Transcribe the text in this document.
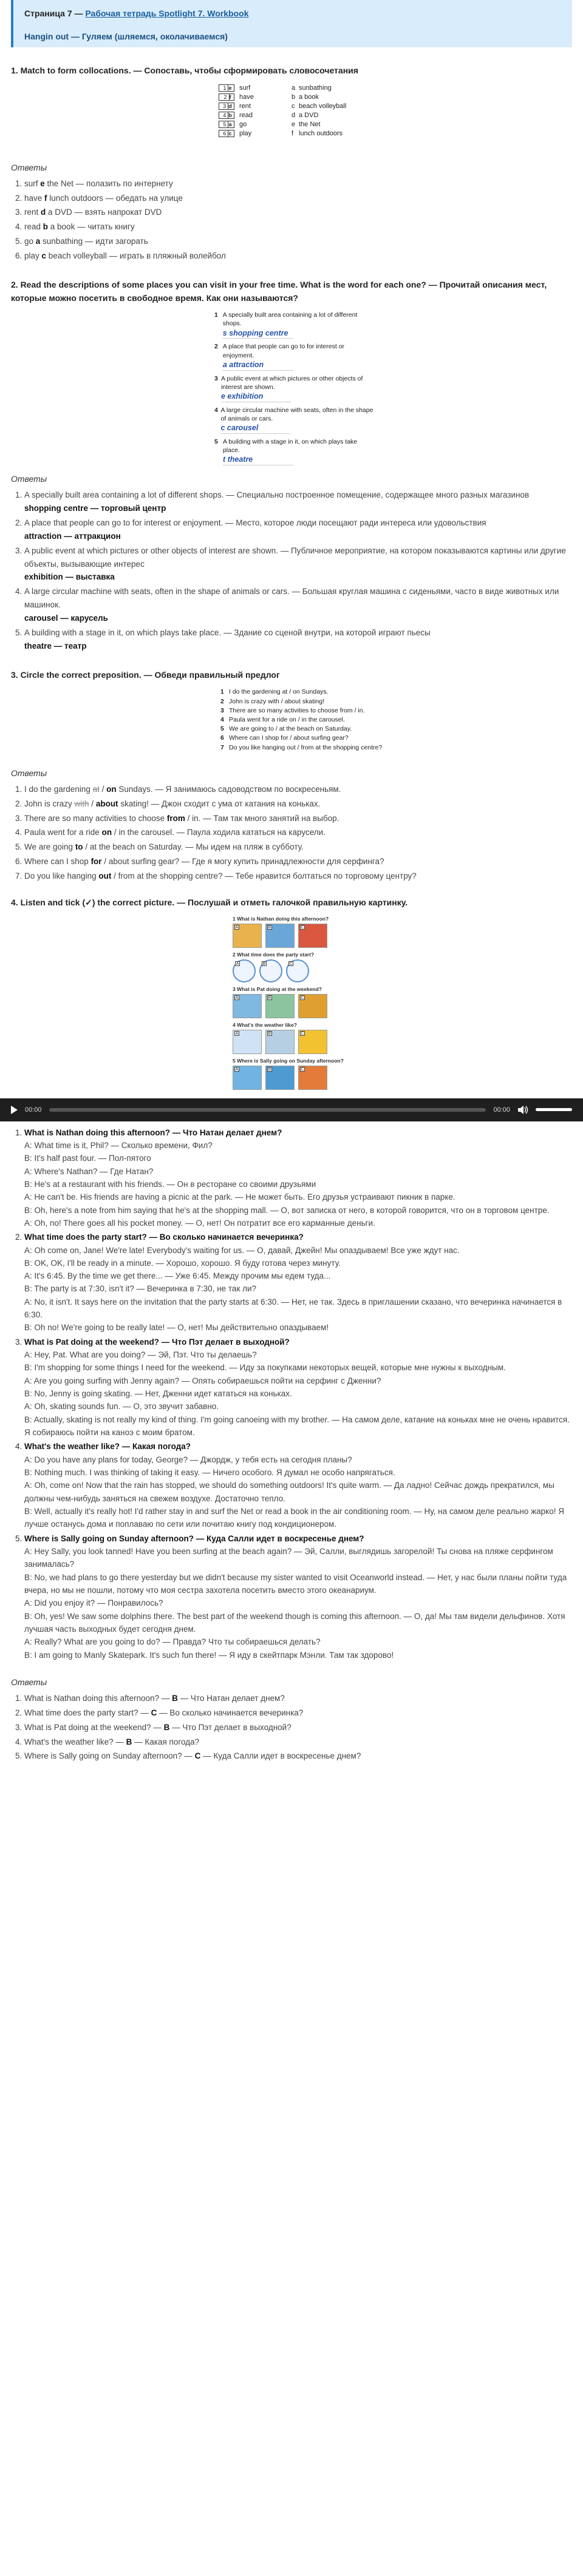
Страница 7 — Рабочая тетрадь Spotlight 7. Workbook
Hangin out — Гуляем (шляемся, околачиваемся)
1. Match to form collocations. — Сопоставь, чтобы сформировать словосочетания
1 e	surf
2 f	have
3 d	rent
4 b	read
5 a	go
6 c	play
a sunbathing
b a book
c beach volleyball
d a DVD
e the Net
f lunch outdoors
Ответы
1. surf e the Net — полазить по интернету
2. have f lunch outdoors — обедать на улице
3. rent d a DVD — взять напрокат DVD
4. read b a book — читать книгу
5. go a sunbathing — идти загорать
6. play c beach volleyball — играть в пляжный волейбол
2. Read the descriptions of some places you can visit in your free time. What is the word for each one? — Прочитай описания мест, которые можно посетить в свободное время. Как они называются?
1 A specially built area containing a lot of different shops.
s shopping centre
2 A place that people can go to for interest or enjoyment.
a attraction
3 A public event at which pictures or other objects of interest are shown.
e exhibition
4 A large circular machine with seats, often in the shape of animals or cars.
c carousel
5 A building with a stage in it, on which plays take place.
t theatre
Ответы
1. A specially built area containing a lot of different shops. — Специально построенное помещение, содержащее много разных магазинов
shopping centre — торговый центр
2. A place that people can go to for interest or enjoyment. — Место, которое люди посещают ради интереса или удовольствия
attraction — аттракцион
3. A public event at which pictures or other objects of interest are shown. — Публичное мероприятие, на котором показываются картины или другие объекты, вызывающие интерес
exhibition — выставка
4. A large circular machine with seats, often in the shape of animals or cars. — Большая круглая машина с сиденьями, часто в виде животных или машинок.
carousel — карусель
5. A building with a stage in it, on which plays take place. — Здание со сценой внутри, на которой играют пьесы
theatre — театр
3. Circle the correct preposition. — Обведи правильный предлог
1 I do the gardening at / on Sundays.
2 John is crazy with / about skating!
3 There are so many activities to choose from / in.
4 Paula went for a ride on / in the carousel.
5 We are going to / at the beach on Saturday.
6 Where can I shop for / about surfing gear?
7 Do you like hanging out / from at the shopping centre?
Ответы
1. I do the gardening at / on Sundays. — Я занимаюсь садоводством по воскресеньям.
2. John is crazy with / about skating! — Джон сходит с ума от катания на коньках.
3. There are so many activities to choose from / in. — Там так много занятий на выбор.
4. Paula went for a ride on / in the carousel. — Паула ходила кататься на карусели.
5. We are going to / at the beach on Saturday. — Мы идем на пляж в субботу.
6. Where can I shop for / about surfing gear? — Где я могу купить принадлежности для серфинга?
7. Do you like hanging out / from at the shopping centre? — Тебе нравится болтаться по торговому центру?
4. Listen and tick (✓) the correct picture. — Послушай и отметь галочкой правильную картинку.
1 What is Nathan doing this afternoon?
A	B	C
2 What time does the party start?
A	B	C
3 What is Pat doing at the weekend?
A	B	C
4 What's the weather like?
A	B	C
5 Where is Sally going on Sunday afternoon?
A	B	C
00:00	00:00
1. What is Nathan doing this afternoon? — Что Натан делает днем?
A: What time is it, Phil? — Сколько времени, Фил?
B: It's half past four. — Пол-пятого
A: Where's Nathan? — Где Натан?
B: He's at a restaurant with his friends. — Он в ресторане со своими друзьями
A: He can't be. His friends are having a picnic at the park. — Не может быть. Его друзья устраивают пикник в парке.
B: Oh, here's a note from him saying that he's at the shopping mall. — О, вот записка от него, в которой говорится, что он в торговом центре.
A: Oh, no! There goes all his pocket money. — О, нет! Он потратит все его карманные деньги.
2. What time does the party start? — Во сколько начинается вечеринка?
A: Oh come on, Jane! We're late! Everybody's waiting for us. — О, давай, Джейн! Мы опаздываем! Все уже ждут нас.
B: OK, OK, I'll be ready in a minute. — Хорошо, хорошо. Я буду готова через минуту.
A: It's 6:45. By the time we get there... — Уже 6:45. Между прочим мы едем туда...
B: The party is at 7:30, isn't it? — Вечеринка в 7:30, не так ли?
A: No, it isn't. It says here on the invitation that the party starts at 6:30. — Нет, не так. Здесь в приглашении сказано, что вечеринка начинается в 6:30.
B: Oh no! We're going to be really late! — О, нет! Мы действительно опаздываем!
3. What is Pat doing at the weekend? — Что Пэт делает в выходной?
A: Hey, Pat. What are you doing? — Эй, Пэт. Что ты делаешь?
B: I'm shopping for some things I need for the weekend. — Иду за покупками некоторых вещей, которые мне нужны к выходным.
A: Are you going surfing with Jenny again? — Опять собираешься пойти на серфинг с Дженни?
B: No, Jenny is going skating. — Нет, Дженни идет кататься на коньках.
A: Oh, skating sounds fun. — О, это звучит забавно.
B: Actually, skating is not really my kind of thing. I'm going canoeing with my brother. — На самом деле, катание на коньках мне не очень нравится. Я собираюсь пойти на каноэ с моим братом.
4. What's the weather like? — Какая погода?
A: Do you have any plans for today, George? — Джордж, у тебя есть на сегодня планы?
B: Nothing much. I was thinking of taking it easy. — Ничего особого. Я думал не особо напрягаться.
A: Oh, come on! Now that the rain has stopped, we should do something outdoors! It's quite warm. — Да ладно! Сейчас дождь прекратился, мы должны чем-нибудь заняться на свежем воздухе. Достаточно тепло.
B: Well, actually it's really hot! I'd rather stay in and surf the Net or read a book in the air conditioning room. — Ну, на самом деле реально жарко! Я лучше останусь дома и поплаваю по сети или почитаю книгу под кондиционером.
5. Where is Sally going on Sunday afternoon? — Куда Салли идет в воскресенье днем?
A: Hey Sally, you look tanned! Have you been surfing at the beach again? — Эй, Салли, выглядишь загорелой! Ты снова на пляже серфингом занималась?
B: No, we had plans to go there yesterday but we didn't because my sister wanted to visit Oceanworld instead. — Нет, у нас были планы пойти туда вчера, но мы не пошли, потому что моя сестра захотела посетить вместо этого океанариум.
A: Did you enjoy it? — Понравилось?
B: Oh, yes! We saw some dolphins there. The best part of the weekend though is coming this afternoon. — О, да! Мы там видели дельфинов. Хотя лучшая часть выходных будет сегодня днем.
A: Really? What are you going to do? — Правда? Что ты собираешься делать?
B: I am going to Manly Skatepark. It's such fun there! — Я иду в скейтпарк Мэнли. Там так здорово!
Ответы
1. What is Nathan doing this afternoon? — B — Что Натан делает днем?
2. What time does the party start? — C — Во сколько начинается вечеринка?
3. What is Pat doing at the weekend? — B — Что Пэт делает в выходной?
4. What's the weather like? — B — Какая погода?
5. Where is Sally going on Sunday afternoon? — C — Куда Салли идет в воскресенье днем?
